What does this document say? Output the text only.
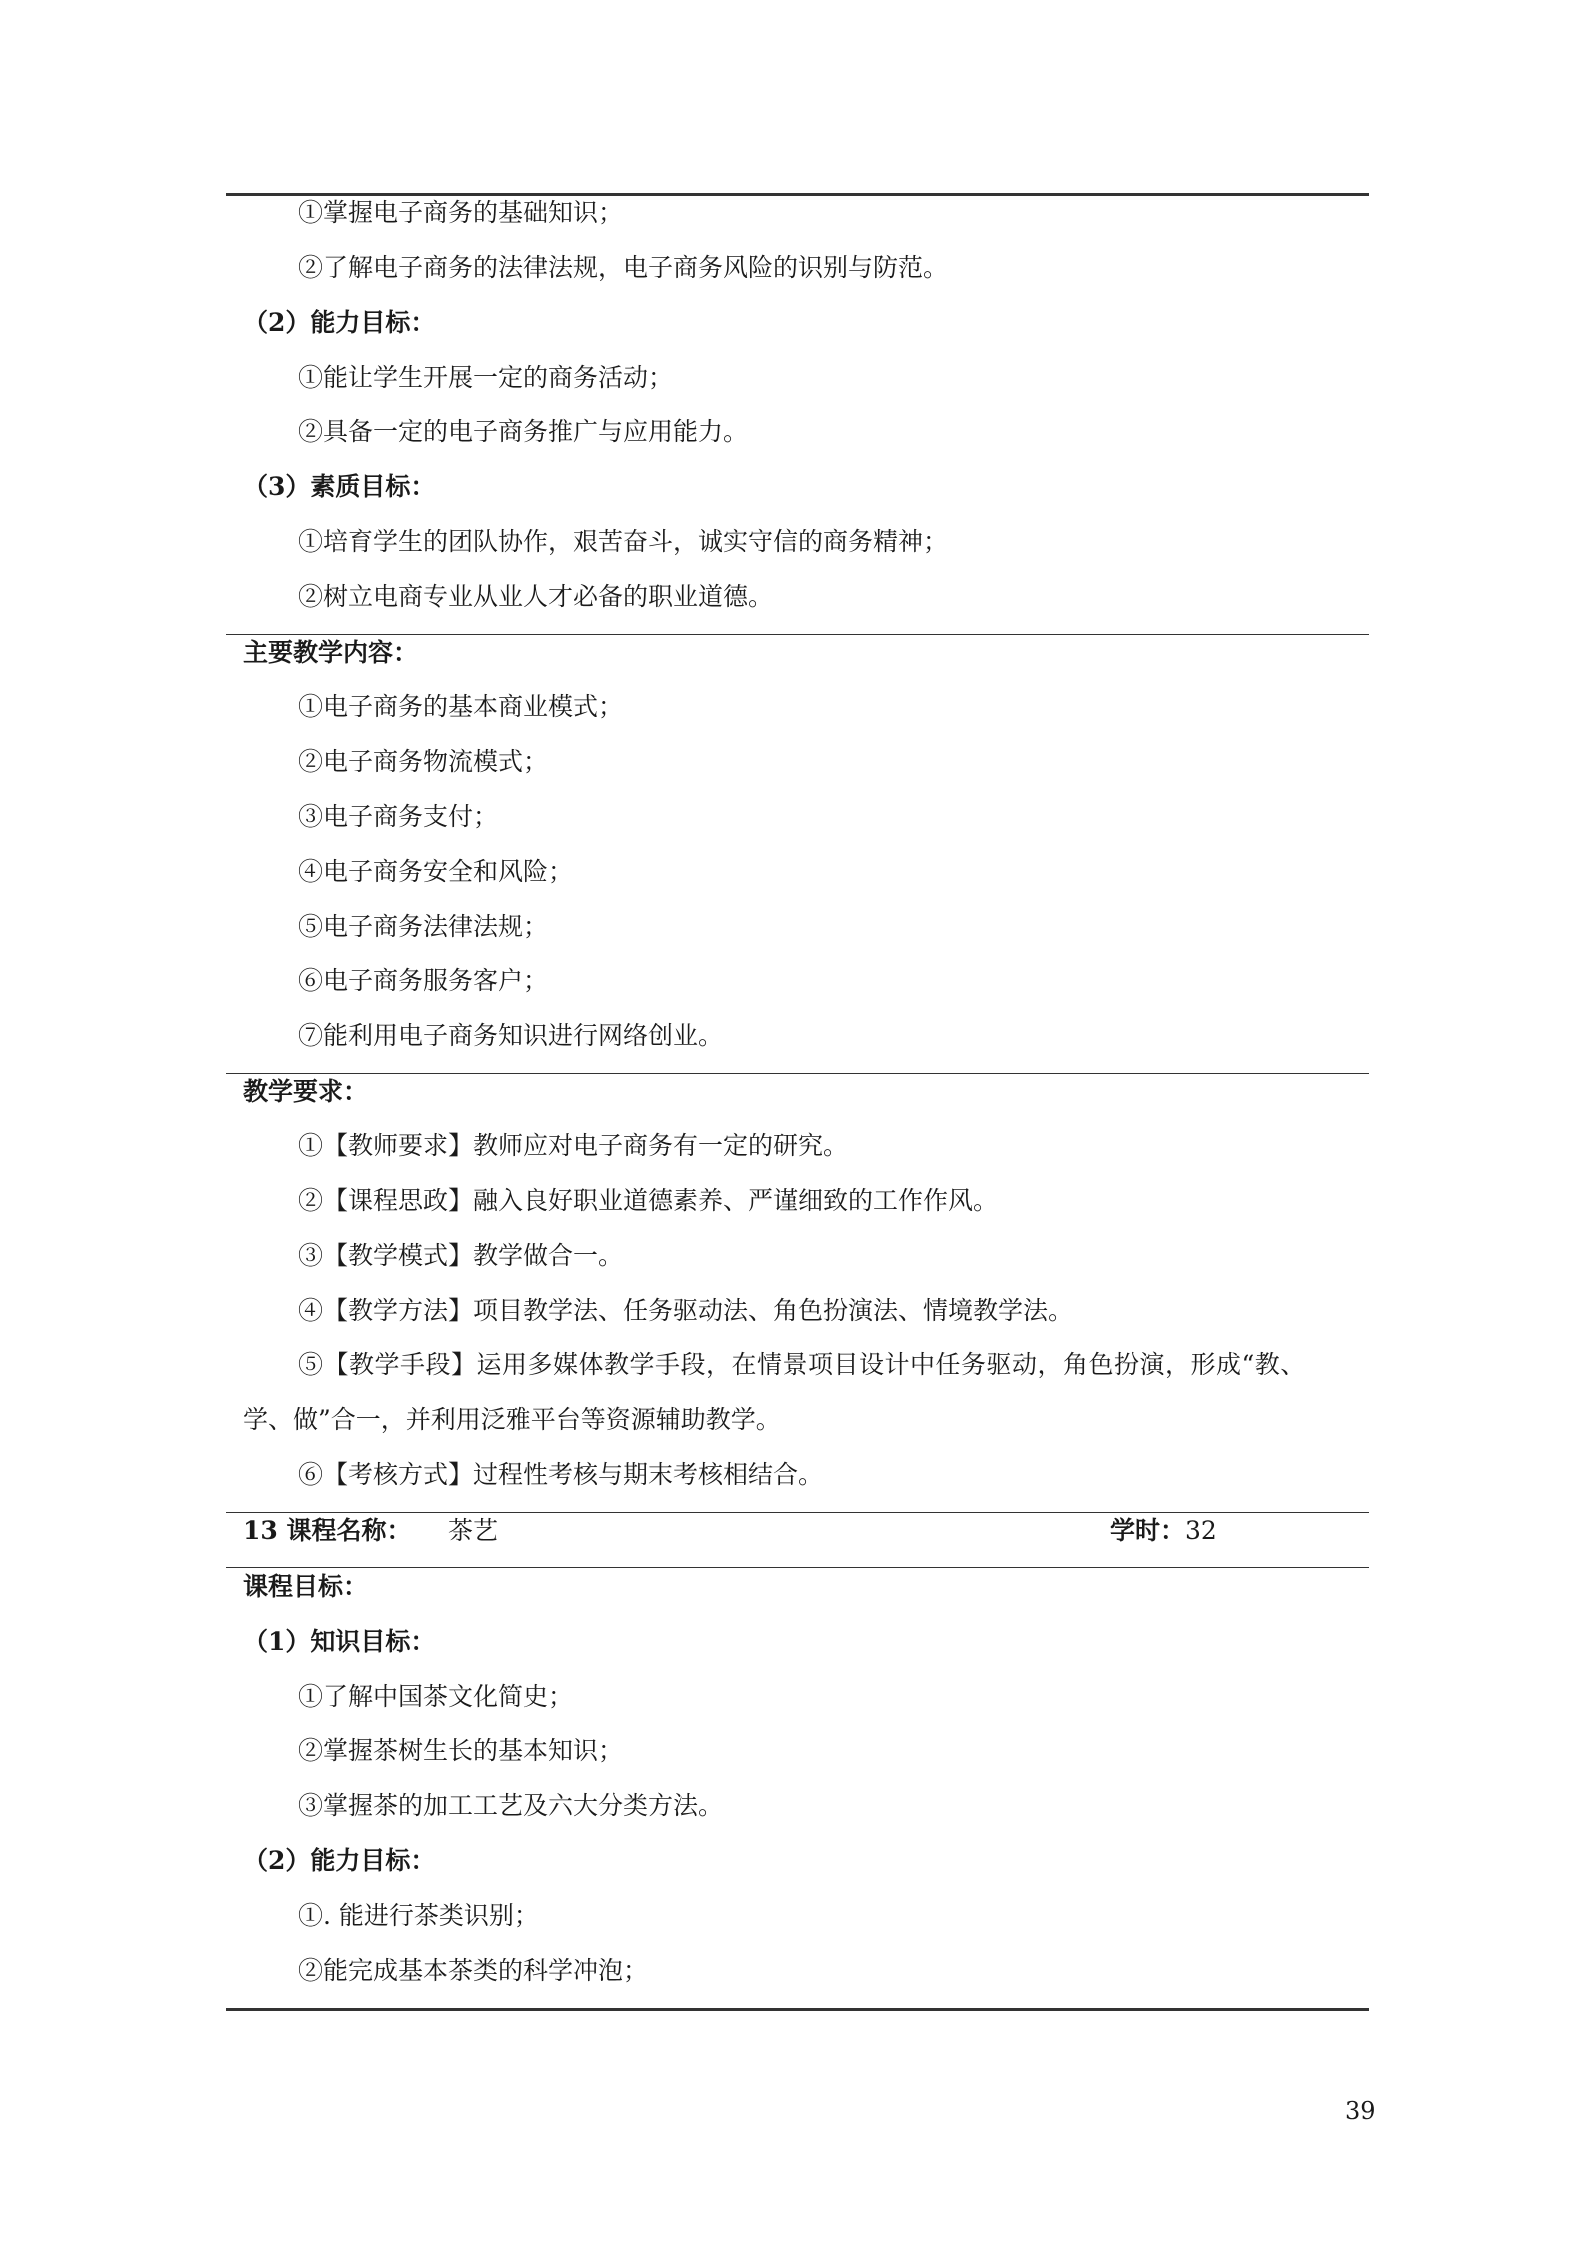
①掌握电子商务的基础知识；
②了解电子商务的法律法规，电子商务风险的识别与防范。
（2）能力目标：
①能让学生开展一定的商务活动；
②具备一定的电子商务推广与应用能力。
（3）素质目标：
①培育学生的团队协作，艰苦奋斗，诚实守信的商务精神；
②树立电商专业从业人才必备的职业道德。
主要教学内容：
①电子商务的基本商业模式；
②电子商务物流模式；
③电子商务支付；
④电子商务安全和风险；
⑤电子商务法律法规；
⑥电子商务服务客户；
⑦能利用电子商务知识进行网络创业。
教学要求：
①【教师要求】教师应对电子商务有一定的研究。
②【课程思政】融入良好职业道德素养、严谨细致的工作作风。
③【教学模式】教学做合一。
④【教学方法】项目教学法、任务驱动法、角色扮演法、情境教学法。
⑤【教学手段】运用多媒体教学手段，在情景项目设计中任务驱动，角色扮演，形成“教、
学、做”合一，并利用泛雅平台等资源辅助教学。
⑥【考核方式】过程性考核与期末考核相结合。
13 课程名称： 茶艺	学时：32
课程目标：
（1）知识目标：
①了解中国茶文化简史；
②掌握茶树生长的基本知识；
③掌握茶的加工工艺及六大分类方法。
（2）能力目标：
①. 能进行茶类识别；
②能完成基本茶类的科学冲泡；
39
